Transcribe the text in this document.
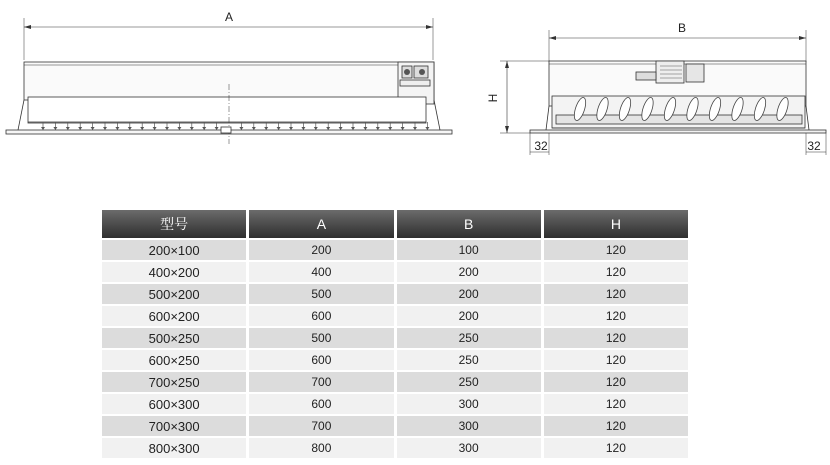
A
B
H
32	32
型号	A	B	H
200×100	200	100	120
400×200	400	200	120
500×200	500	200	120
600×200	600	200	120
500×250	500	250	120
600×250	600	250	120
700×250	700	250	120
600×300	600	300	120
700×300	700	300	120
800×300	800	300	120
